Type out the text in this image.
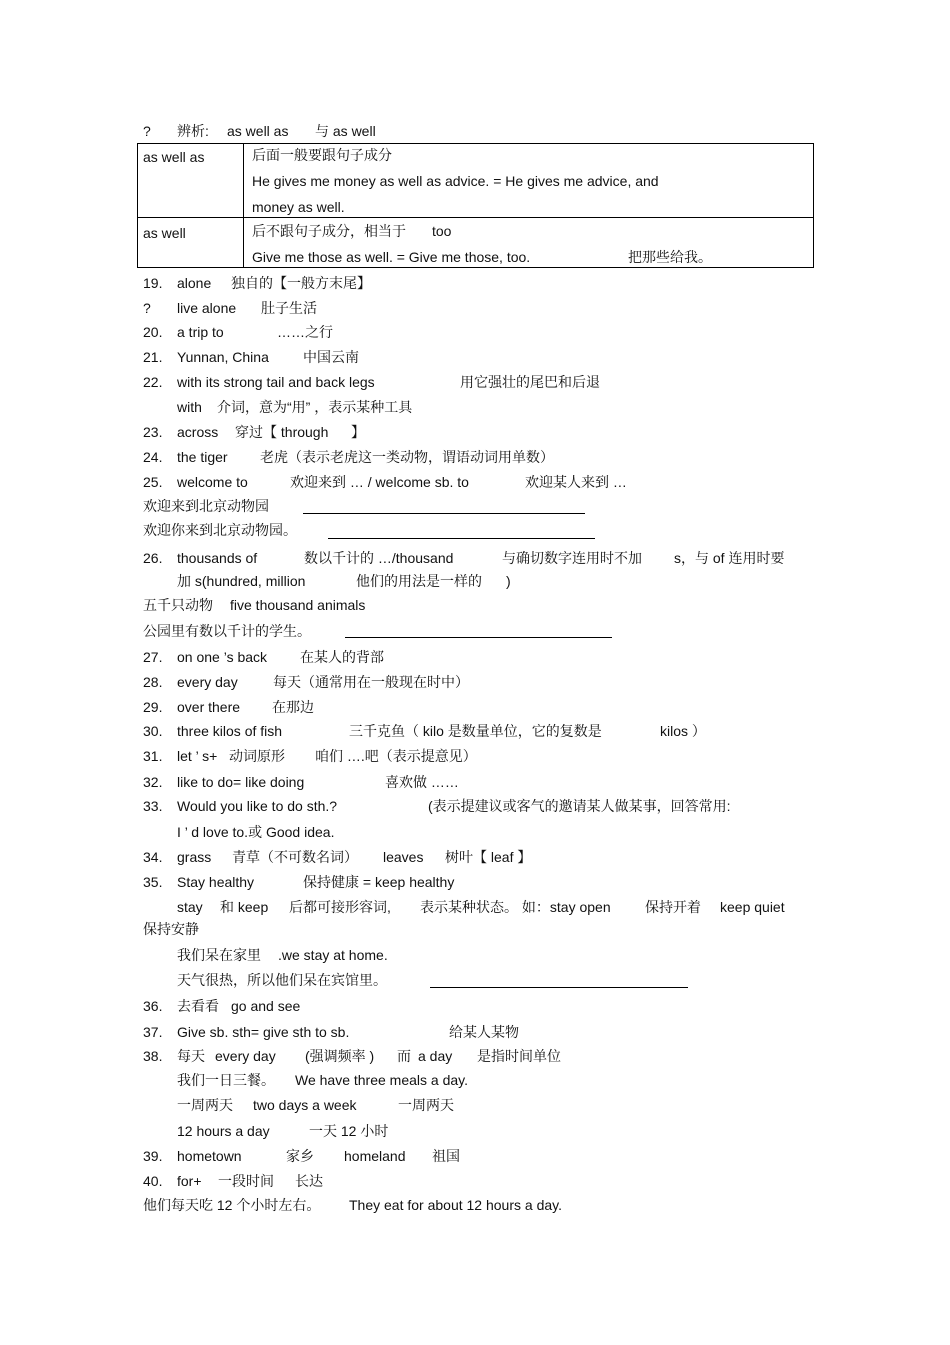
? 辨析: as well as 与 as well
as well as	后面一般要跟句子成分
He gives me money as well as advice. = He gives me advice, and
money as well.

as well	后不跟句子成分，相当于 too
Give me those as well. = Give me those, too. 把那些给我。
19. alone 独自的【一般方末尾】
? live alone 肚子生活
20. a trip to	……之行
21. Yunnan, China 中国云南
22. with its strong tail and back legs	用它强壮的尾巴和后退
with 介词，意为“用” ，表示某种工具
23. across 穿过【 through 】
24. the tiger 老虎（表示老虎这一类动物，谓语动词用单数）
25. welcome to	欢迎来到 … / welcome sb. to	欢迎某人来到 …
欢迎来到北京动物园
欢迎你来到北京动物园。
26. thousands of	数以千计的 …/thousand	与确切数字连用时不加 s，与 of 连用时要
加 s(hundred, million	他们的用法是一样的 )
五千只动物 five thousand animals
公园里有数以千计的学生。
27. on one ’s back 在某人的背部
28. every day	每天（通常用在一般现在时中）
29. over there 在那边
30. three kilos of fish	三千克鱼（ kilo 是数量单位，它的复数是	kilos ）
31. let ’ s+ 动词原形 咱们 ….吧（表示提意见）
32. like to do= like doing	喜欢做 ……
33. Would you like to do sth.?	(表示提建议或客气的邀请某人做某事，回答常用:
I ’ d love to.或 Good idea.
34. grass 青草（不可数名词） leaves 树叶【 leaf 】
35. Stay healthy	保持健康 = keep healthy
stay 和 keep 后都可接形容词, 表示某种状态。 如：stay open 保持开着 keep quiet
保持安静
我们呆在家里 .we stay at home.
天气很热，所以他们呆在宾馆里。
36. 去看看 go and see
37. Give sb. sth= give sth to sb.	给某人某物
38. 每天 every day (强调频率 ) 而 a day 是指时间单位
我们一日三餐。 We have three meals a day.
一周两天 two days a week	一周两天
12 hours a day	一天 12 小时
39. hometown	家乡 homeland 祖国
40. for+ 一段时间 长达
他们每天吃 12 个小时左右。 They eat for about 12 hours a day.
